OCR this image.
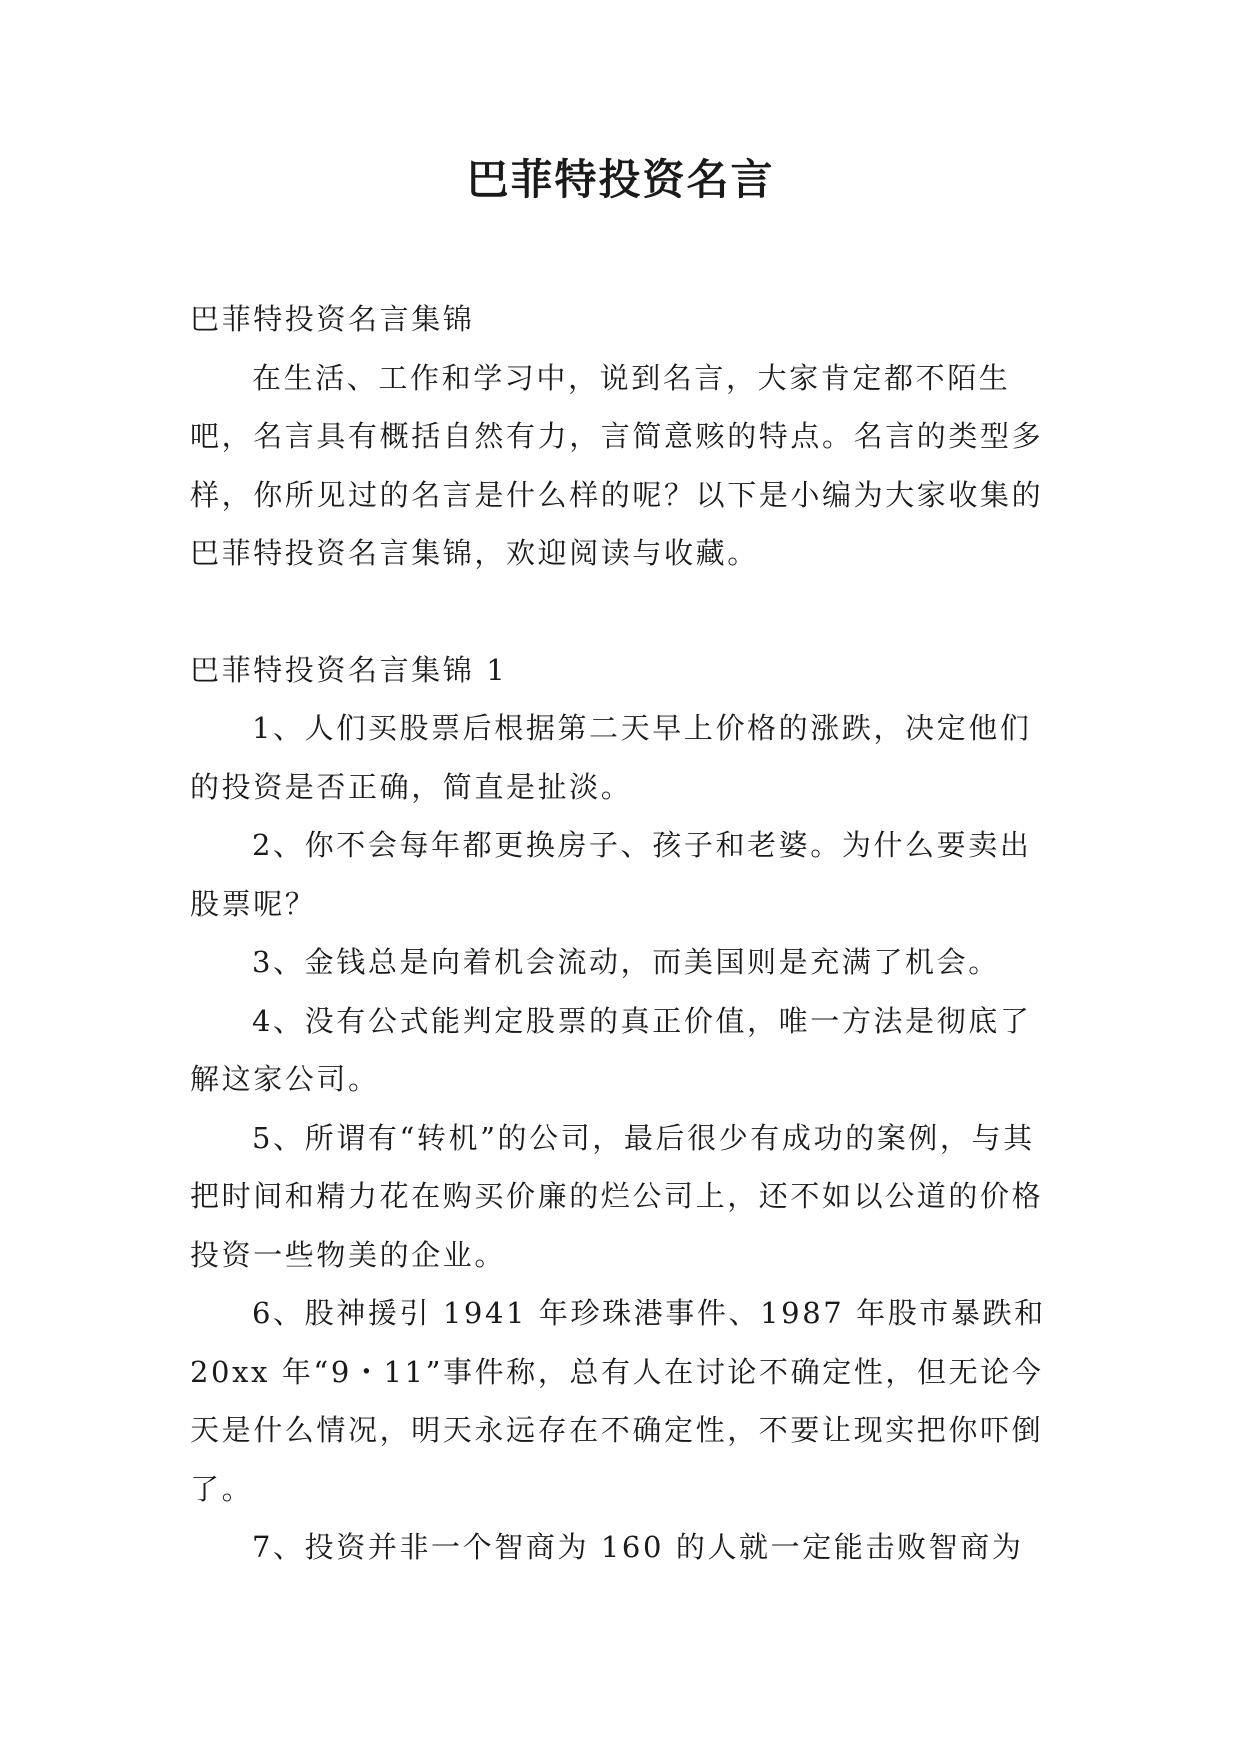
巴菲特投资名言

巴菲特投资名言集锦

在生活、工作和学习中，说到名言，大家肯定都不陌生吧，名言具有概括自然有力，言简意赅的特点。名言的类型多样，你所见过的名言是什么样的呢？以下是小编为大家收集的巴菲特投资名言集锦，欢迎阅读与收藏。

巴菲特投资名言集锦 1

1、人们买股票后根据第二天早上价格的涨跌，决定他们的投资是否正确，简直是扯淡。

2、你不会每年都更换房子、孩子和老婆。为什么要卖出股票呢？

3、金钱总是向着机会流动，而美国则是充满了机会。

4、没有公式能判定股票的真正价值，唯一方法是彻底了解这家公司。

5、所谓有“转机”的公司，最后很少有成功的案例，与其把时间和精力花在购买价廉的烂公司上，还不如以公道的价格投资一些物美的企业。

6、股神援引 1941 年珍珠港事件、1987 年股市暴跌和 20xx 年“9・11”事件称，总有人在讨论不确定性，但无论今天是什么情况，明天永远存在不确定性，不要让现实把你吓倒了。

7、投资并非一个智商为 160 的人就一定能击败智商为
